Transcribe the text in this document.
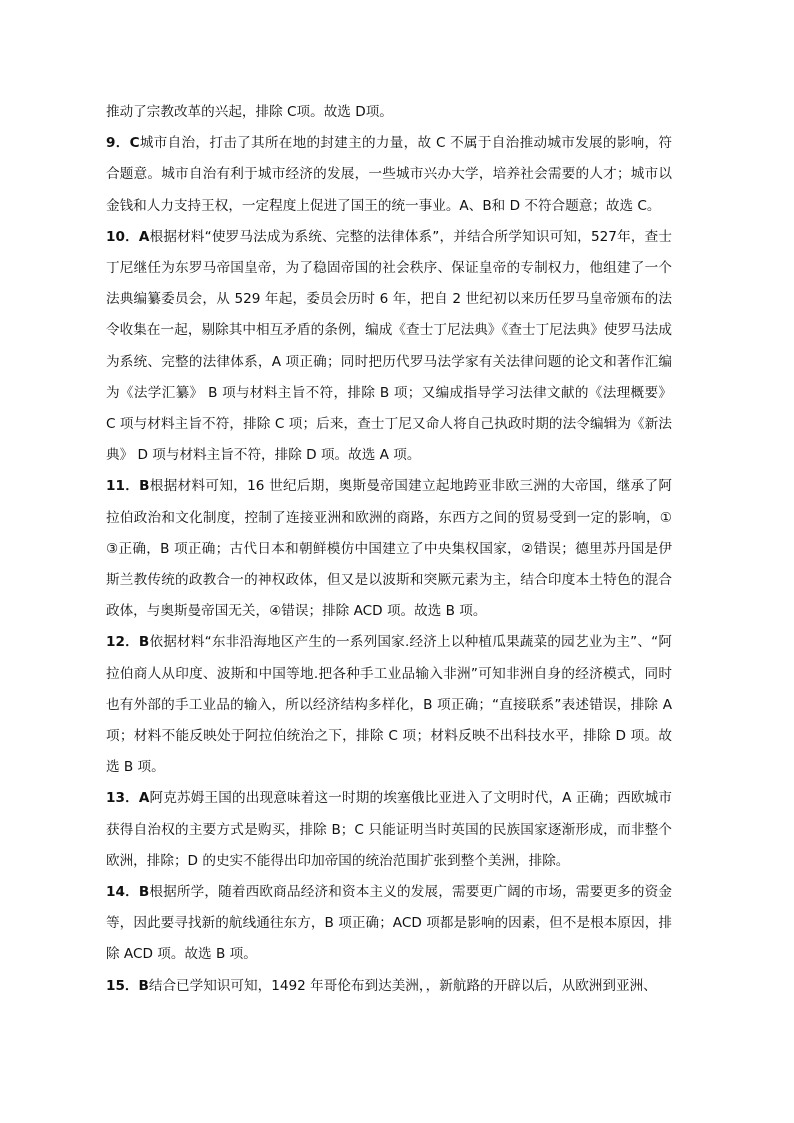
推动了宗教改革的兴起，排除 C项。故选 D项。

9．C城市自治，打击了其所在地的封建主的力量，故 C 不属于自治推动城市发展的影响，符合题意。城市自治有利于城市经济的发展，一些城市兴办大学，培养社会需要的人才；城市以金钱和人力支持王权，一定程度上促进了国王的统一事业。A、B和 D 不符合题意；故选 C。

10．A根据材料“使罗马法成为系统、完整的法律体系”，并结合所学知识可知，527年，查士丁尼继任为东罗马帝国皇帝，为了稳固帝国的社会秩序、保证皇帝的专制权力，他组建了一个法典编纂委员会，从 529 年起，委员会历时 6 年，把自 2 世纪初以来历任罗马皇帝颁布的法令收集在一起，剔除其中相互矛盾的条例，编成《查士丁尼法典》《查士丁尼法典》使罗马法成为系统、完整的法律体系，A 项正确；同时把历代罗马法学家有关法律问题的论文和著作汇编为《法学汇纂》 B 项与材料主旨不符，排除 B 项；又编成指导学习法律文献的《法理概要》 C 项与材料主旨不符，排除 C 项；后来，查士丁尼又命人将自己执政时期的法令编辑为《新法典》 D 项与材料主旨不符，排除 D 项。故选 A 项。

11．B根据材料可知，16 世纪后期，奥斯曼帝国建立起地跨亚非欧三洲的大帝国，继承了阿拉伯政治和文化制度，控制了连接亚洲和欧洲的商路，东西方之间的贸易受到一定的影响，①③正确，B 项正确；古代日本和朝鲜模仿中国建立了中央集权国家，②错误；德里苏丹国是伊斯兰教传统的政教合一的神权政体，但又是以波斯和突厥元素为主，结合印度本土特色的混合政体，与奥斯曼帝国无关，④错误；排除 ACD 项。故选 B 项。

12．B依据材料“东非沿海地区产生的一系列国家.经济上以种植瓜果蔬菜的园艺业为主”、“阿拉伯商人从印度、波斯和中国等地.把各种手工业品输入非洲”可知非洲自身的经济模式，同时也有外部的手工业品的输入，所以经济结构多样化，B 项正确；“直接联系”表述错误，排除 A 项；材料不能反映处于阿拉伯统治之下，排除 C 项；材料反映不出科技水平，排除 D 项。故选 B 项。

13．A阿克苏姆王国的出现意味着这一时期的埃塞俄比亚进入了文明时代，A 正确；西欧城市获得自治权的主要方式是购买，排除 B；C 只能证明当时英国的民族国家逐渐形成，而非整个欧洲，排除；D 的史实不能得出印加帝国的统治范围扩张到整个美洲，排除。

14．B根据所学，随着西欧商品经济和资本主义的发展，需要更广阔的市场，需要更多的资金等，因此要寻找新的航线通往东方，B 项正确；ACD 项都是影响的因素，但不是根本原因，排除 ACD 项。故选 B 项。

15．B结合已学知识可知，1492 年哥伦布到达美洲，，新航路的开辟以后，从欧洲到亚洲、
